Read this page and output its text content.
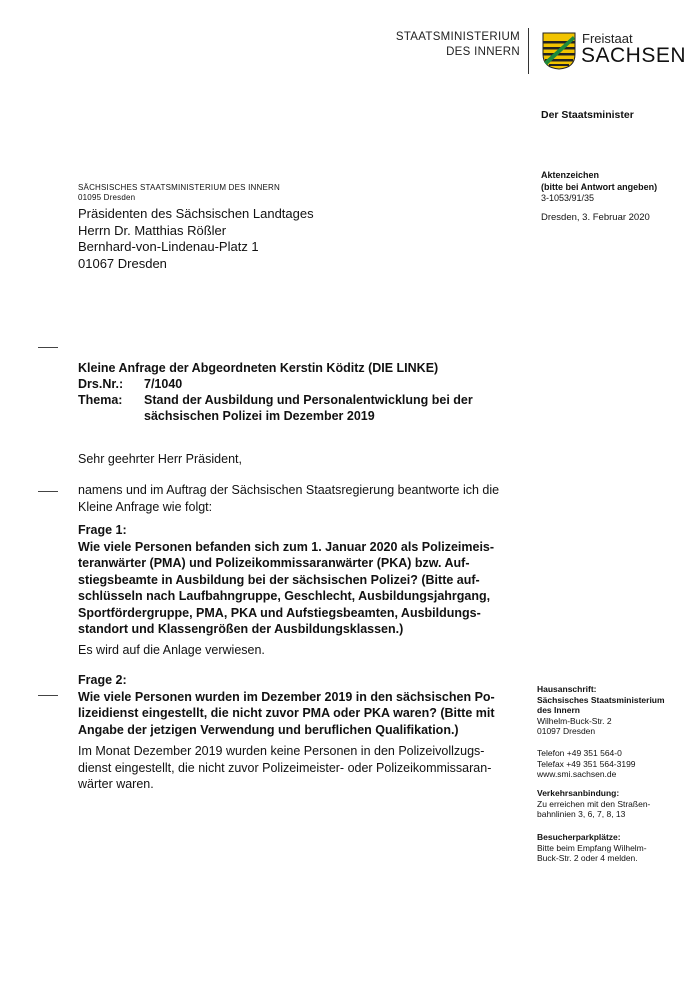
STAATSMINISTERIUM
DES INNERN
Freistaat
SACHSEN
Der Staatsminister
Aktenzeichen
(bitte bei Antwort angeben)
3-1053/91/35
Dresden, 3. Februar 2020
SÄCHSISCHES STAATSMINISTERIUM DES INNERN
01095 Dresden
Präsidenten des Sächsischen Landtages
Herrn Dr. Matthias Rößler
Bernhard-von-Lindenau-Platz 1
01067 Dresden
Kleine Anfrage der Abgeordneten Kerstin Köditz (DIE LINKE)
Drs.Nr.:	7/1040
Thema:	Stand der Ausbildung und Personalentwicklung bei der
sächsischen Polizei im Dezember 2019
Sehr geehrter Herr Präsident,
namens und im Auftrag der Sächsischen Staatsregierung beantworte ich die
Kleine Anfrage wie folgt:
Frage 1:
Wie viele Personen befanden sich zum 1. Januar 2020 als Polizeimeis-
teranwärter (PMA) und Polizeikommissaranwärter (PKA) bzw. Auf-
stiegsbeamte in Ausbildung bei der sächsischen Polizei? (Bitte auf-
schlüsseln nach Laufbahngruppe, Geschlecht, Ausbildungsjahrgang,
Sportfördergruppe, PMA, PKA und Aufstiegsbeamten, Ausbildungs-
standort und Klassengrößen der Ausbildungsklassen.)
Es wird auf die Anlage verwiesen.
Frage 2:
Wie viele Personen wurden im Dezember 2019 in den sächsischen Po-
lizeidienst eingestellt, die nicht zuvor PMA oder PKA waren? (Bitte mit
Angabe der jetzigen Verwendung und beruflichen Qualifikation.)
Im Monat Dezember 2019 wurden keine Personen in den Polizeivollzugs-
dienst eingestellt, die nicht zuvor Polizeimeister- oder Polizeikommissaran-
wärter waren.
Hausanschrift:
Sächsisches Staatsministerium
des Innern
Wilhelm-Buck-Str. 2
01097 Dresden
Telefon +49 351 564-0
Telefax +49 351 564-3199
www.smi.sachsen.de
Verkehrsanbindung:
Zu erreichen mit den Straßen-
bahnlinien 3, 6, 7, 8, 13
Besucherparkplätze:
Bitte beim Empfang Wilhelm-
Buck-Str. 2 oder 4 melden.
